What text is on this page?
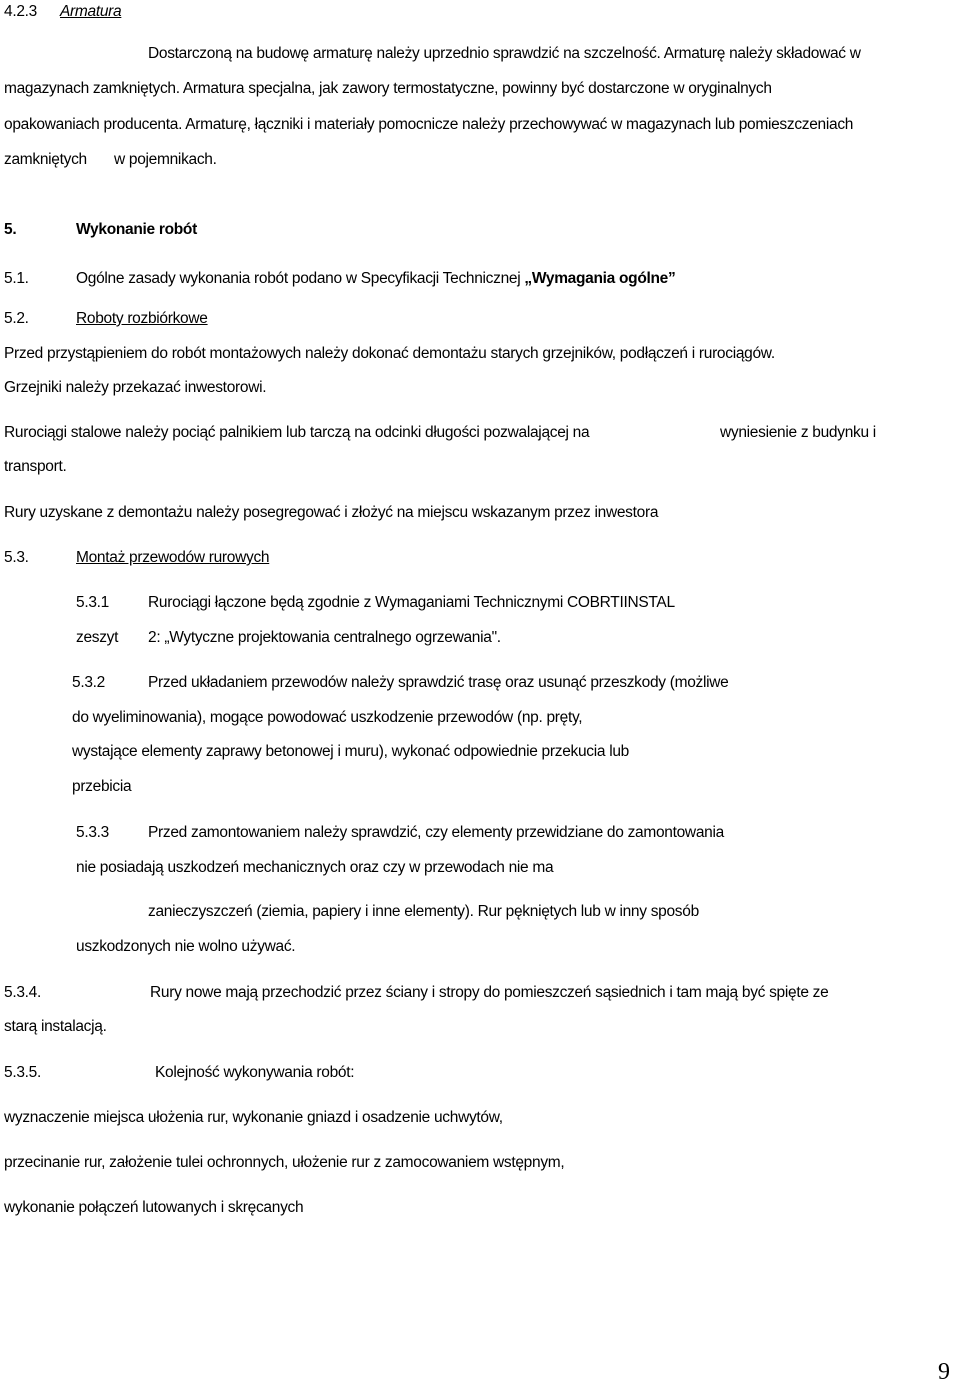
4.2.3 Armatura
Dostarczoną na budowę armaturę należy uprzednio sprawdzić na szczelność. Armaturę należy składować w
magazynach zamkniętych. Armatura specjalna, jak zawory termostatyczne, powinny być dostarczone w oryginalnych
opakowaniach producenta. Armaturę, łączniki i materiały pomocnicze należy przechowywać w magazynach lub pomieszczeniach
zamkniętych w pojemnikach.
5.	Wykonanie robót
5.1.	Ogólne zasady wykonania robót podano w Specyfikacji Technicznej „Wymagania ogólne”
5.2.	Roboty rozbiórkowe
Przed przystąpieniem do robót montażowych należy dokonać demontażu starych grzejników, podłączeń i rurociągów.
Grzejniki należy przekazać inwestorowi.
Rurociągi stalowe należy pociąć palnikiem lub tarczą na odcinki długości pozwalającej na	wyniesienie z budynku i
transport.
Rury uzyskane z demontażu należy posegregować i złożyć na miejscu wskazanym przez inwestora
5.3.	Montaż przewodów rurowych
5.3.1	Rurociągi łączone będą zgodnie z Wymaganiami Technicznymi COBRTIINSTAL
zeszyt 2: „Wytyczne projektowania centralnego ogrzewania".
5.3.2	Przed układaniem przewodów należy sprawdzić trasę oraz usunąć przeszkody (możliwe
do wyeliminowania), mogące powodować uszkodzenie przewodów (np. pręty,
wystające elementy zaprawy betonowej i muru), wykonać odpowiednie przekucia lub
przebicia
5.3.3	Przed zamontowaniem należy sprawdzić, czy elementy przewidziane do zamontowania
nie posiadają uszkodzeń mechanicznych oraz czy w przewodach nie ma
zanieczyszczeń (ziemia, papiery i inne elementy). Rur pękniętych lub w inny sposób
uszkodzonych nie wolno używać.
5.3.4.	Rury nowe mają przechodzić przez ściany i stropy do pomieszczeń sąsiednich i tam mają być spięte ze
starą instalacją.
5.3.5.	Kolejność wykonywania robót:
wyznaczenie miejsca ułożenia rur, wykonanie gniazd i osadzenie uchwytów,
przecinanie rur, założenie tulei ochronnych, ułożenie rur z zamocowaniem wstępnym,
wykonanie połączeń lutowanych i skręcanych
9
